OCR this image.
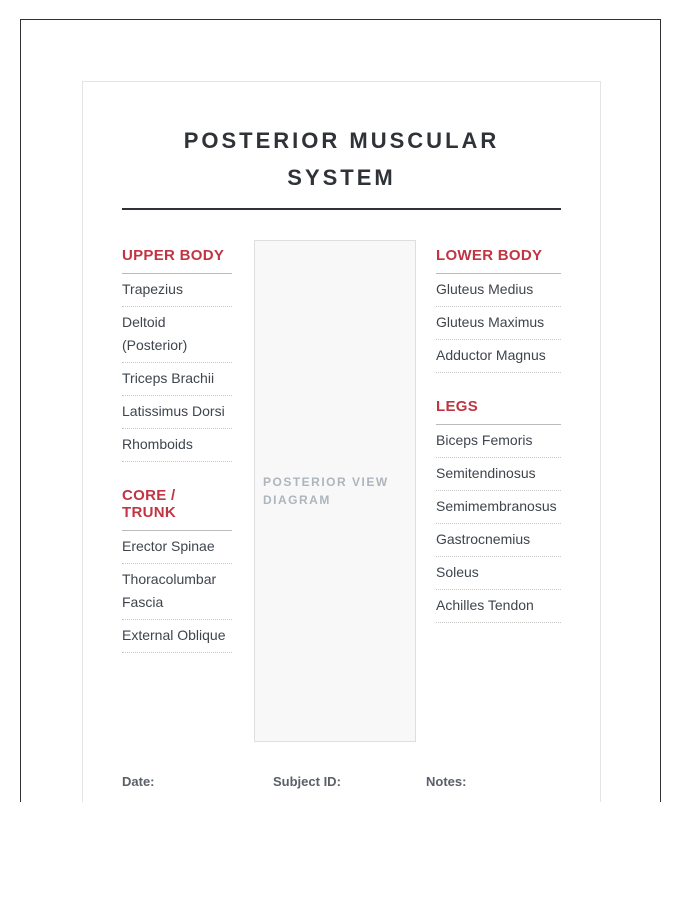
POSTERIOR MUSCULAR SYSTEM
UPPER BODY
Trapezius
Deltoid (Posterior)
Triceps Brachii
Latissimus Dorsi
Rhomboids
CORE / TRUNK
Erector Spinae
Thoracolumbar Fascia
External Oblique
POSTERIOR VIEW DIAGRAM
LOWER BODY
Gluteus Medius
Gluteus Maximus
Adductor Magnus
LEGS
Biceps Femoris
Semitendinosus
Semimembranosus
Gastrocnemius
Soleus
Achilles Tendon
Date:	Subject ID:	Notes:
